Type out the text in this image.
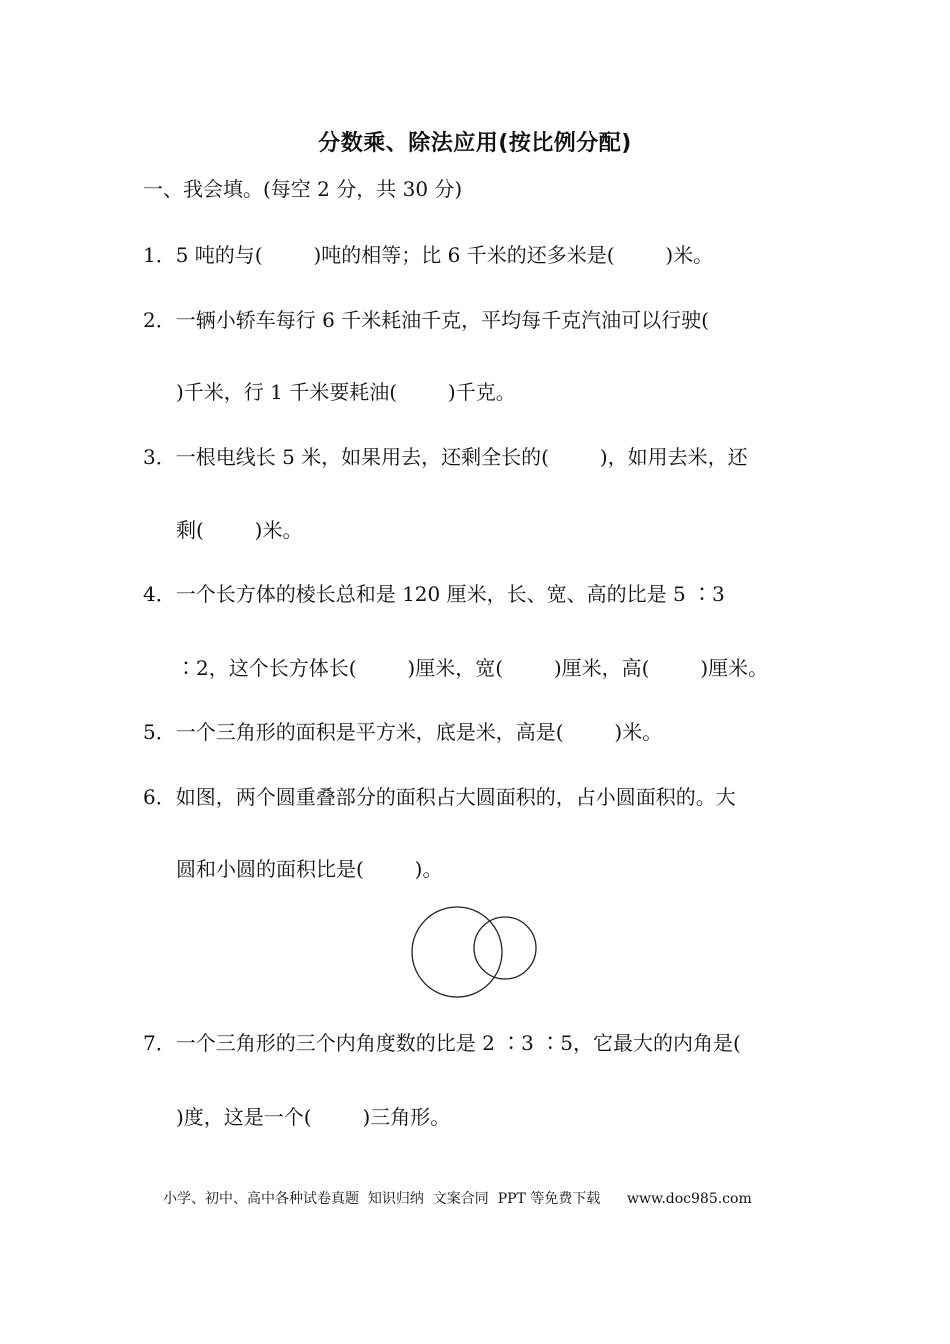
分数乘、除法应用(按比例分配)
一、我会填。(每空 2 分，共 30 分)
1．5 吨的与(        )吨的相等；比 6 千米的还多米是(        )米。
2．一辆小轿车每行 6 千米耗油千克，平均每千克汽油可以行驶(
)千米，行 1 千米要耗油(        )千克。
3．一根电线长 5 米，如果用去，还剩全长的(        )，如用去米，还
剩(        )米。
4．一个长方体的棱长总和是 120 厘米，长、宽、高的比是 5 ∶3
∶2，这个长方体长(        )厘米，宽(        )厘米，高(        )厘米。
5．一个三角形的面积是平方米，底是米，高是(        )米。
6．如图，两个圆重叠部分的面积占大圆面积的，占小圆面积的。大
圆和小圆的面积比是(        )。
7．一个三角形的三个内角度数的比是 2 ∶3 ∶5，它最大的内角是(
)度，这是一个(        )三角形。
小学、初中、高中各种试卷真题  知识归纳  文案合同  PPT 等免费下载      www.doc985.com
